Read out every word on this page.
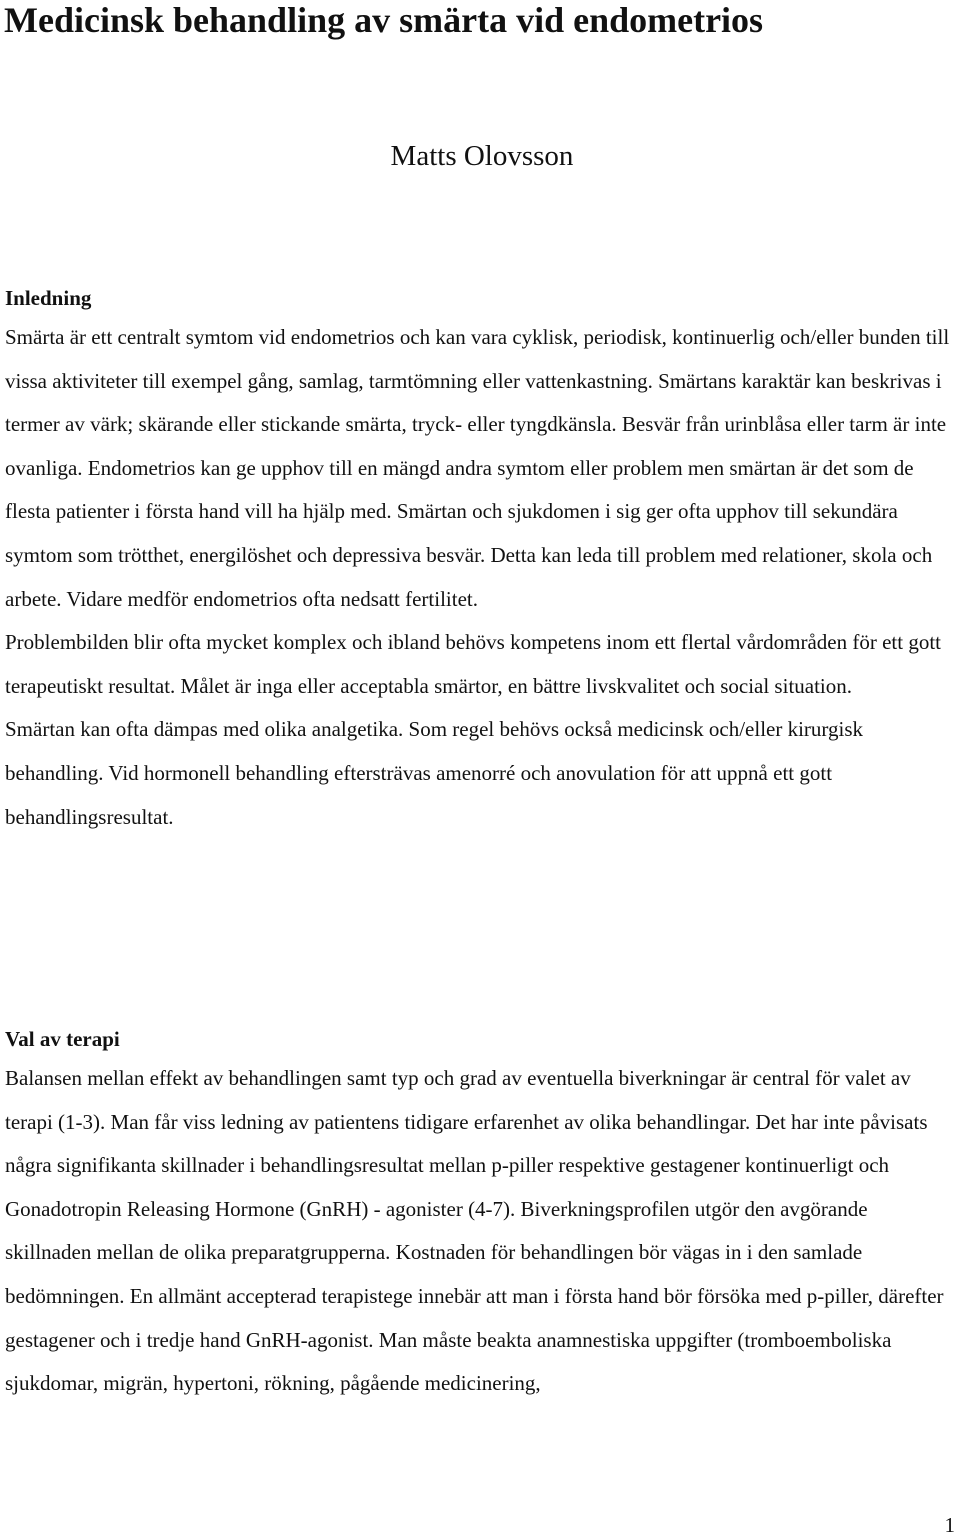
Medicinsk behandling av smärta vid endometrios
Matts Olovsson
Inledning

Smärta är ett centralt symtom vid endometrios och kan vara cyklisk, periodisk, kontinuerlig och/eller bunden till vissa aktiviteter till exempel gång, samlag, tarmtömning eller vattenkastning. Smärtans karaktär kan beskrivas i termer av värk; skärande eller stickande smärta, tryck- eller tyngdkänsla. Besvär från urinblåsa eller tarm är inte ovanliga. Endometrios kan ge upphov till en mängd andra symtom eller problem men smärtan är det som de flesta patienter i första hand vill ha hjälp med. Smärtan och sjukdomen i sig ger ofta upphov till sekundära symtom som trötthet, energilöshet och depressiva besvär. Detta kan leda till problem med relationer, skola och arbete. Vidare medför endometrios ofta nedsatt fertilitet.

Problembilden blir ofta mycket komplex och ibland behövs kompetens inom ett flertal vårdområden för ett gott terapeutiskt resultat. Målet är inga eller acceptabla smärtor, en bättre livskvalitet och social situation.

Smärtan kan ofta dämpas med olika analgetika. Som regel behövs också medicinsk och/eller kirurgisk behandling. Vid hormonell behandling eftersträvas amenorré och anovulation för att uppnå ett gott behandlingsresultat.

Val av terapi

Balansen mellan effekt av behandlingen samt typ och grad av eventuella biverkningar är central för valet av terapi (1-3). Man får viss ledning av patientens tidigare erfarenhet av olika behandlingar. Det har inte påvisats några signifikanta skillnader i behandlingsresultat mellan p-piller respektive gestagener kontinuerligt och Gonadotropin Releasing Hormone (GnRH) - agonister (4-7). Biverkningsprofilen utgör den avgörande skillnaden mellan de olika preparatgrupperna. Kostnaden för behandlingen bör vägas in i den samlade bedömningen. En allmänt accepterad terapistege innebär att man i första hand bör försöka med p-piller, därefter gestagener och i tredje hand GnRH-agonist. Man måste beakta anamnestiska uppgifter (tromboemboliska sjukdomar, migrän, hypertoni, rökning, pågående medicinering,

1
